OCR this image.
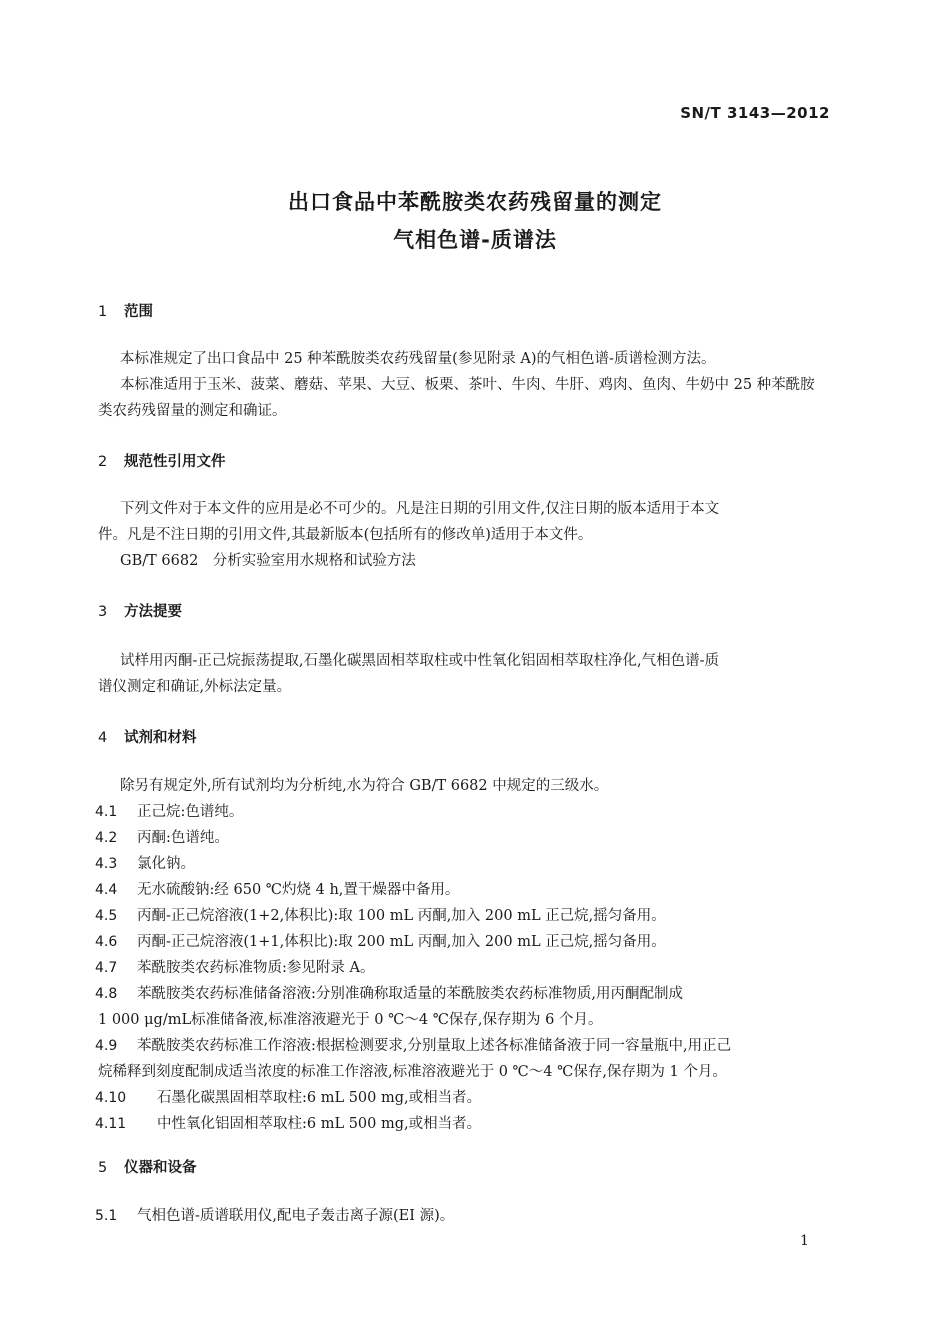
SN/T 3143—2012
出口食品中苯酰胺类农药残留量的测定
气相色谱-质谱法
1 范围
本标准规定了出口食品中 25 种苯酰胺类农药残留量(参见附录 A)的气相色谱-质谱检测方法。
本标准适用于玉米、菠菜、蘑菇、苹果、大豆、板栗、茶叶、牛肉、牛肝、鸡肉、鱼肉、牛奶中 25 种苯酰胺
类农药残留量的测定和确证。
2 规范性引用文件
下列文件对于本文件的应用是必不可少的。凡是注日期的引用文件,仅注日期的版本适用于本文
件。凡是不注日期的引用文件,其最新版本(包括所有的修改单)适用于本文件。
GB/T 6682　分析实验室用水规格和试验方法
3 方法提要
试样用丙酮-正己烷振荡提取,石墨化碳黑固相萃取柱或中性氧化铝固相萃取柱净化,气相色谱-质
谱仪测定和确证,外标法定量。
4 试剂和材料
除另有规定外,所有试剂均为分析纯,水为符合 GB/T 6682 中规定的三级水。
4.1 正己烷:色谱纯。
4.2 丙酮:色谱纯。
4.3 氯化钠。
4.4 无水硫酸钠:经 650 ℃灼烧 4 h,置干燥器中备用。
4.5 丙酮-正己烷溶液(1+2,体积比):取 100 mL 丙酮,加入 200 mL 正己烷,摇匀备用。
4.6 丙酮-正己烷溶液(1+1,体积比):取 200 mL 丙酮,加入 200 mL 正己烷,摇匀备用。
4.7 苯酰胺类农药标准物质:参见附录 A。
4.8 苯酰胺类农药标准储备溶液:分别准确称取适量的苯酰胺类农药标准物质,用丙酮配制成
1 000 μg/mL标准储备液,标准溶液避光于 0 ℃～4 ℃保存,保存期为 6 个月。
4.9 苯酰胺类农药标准工作溶液:根据检测要求,分别量取上述各标准储备液于同一容量瓶中,用正己
烷稀释到刻度配制成适当浓度的标准工作溶液,标准溶液避光于 0 ℃～4 ℃保存,保存期为 1 个月。
4.10 石墨化碳黑固相萃取柱:6 mL 500 mg,或相当者。
4.11 中性氧化铝固相萃取柱:6 mL 500 mg,或相当者。
5 仪器和设备
5.1 气相色谱-质谱联用仪,配电子轰击离子源(EI 源)。
1
